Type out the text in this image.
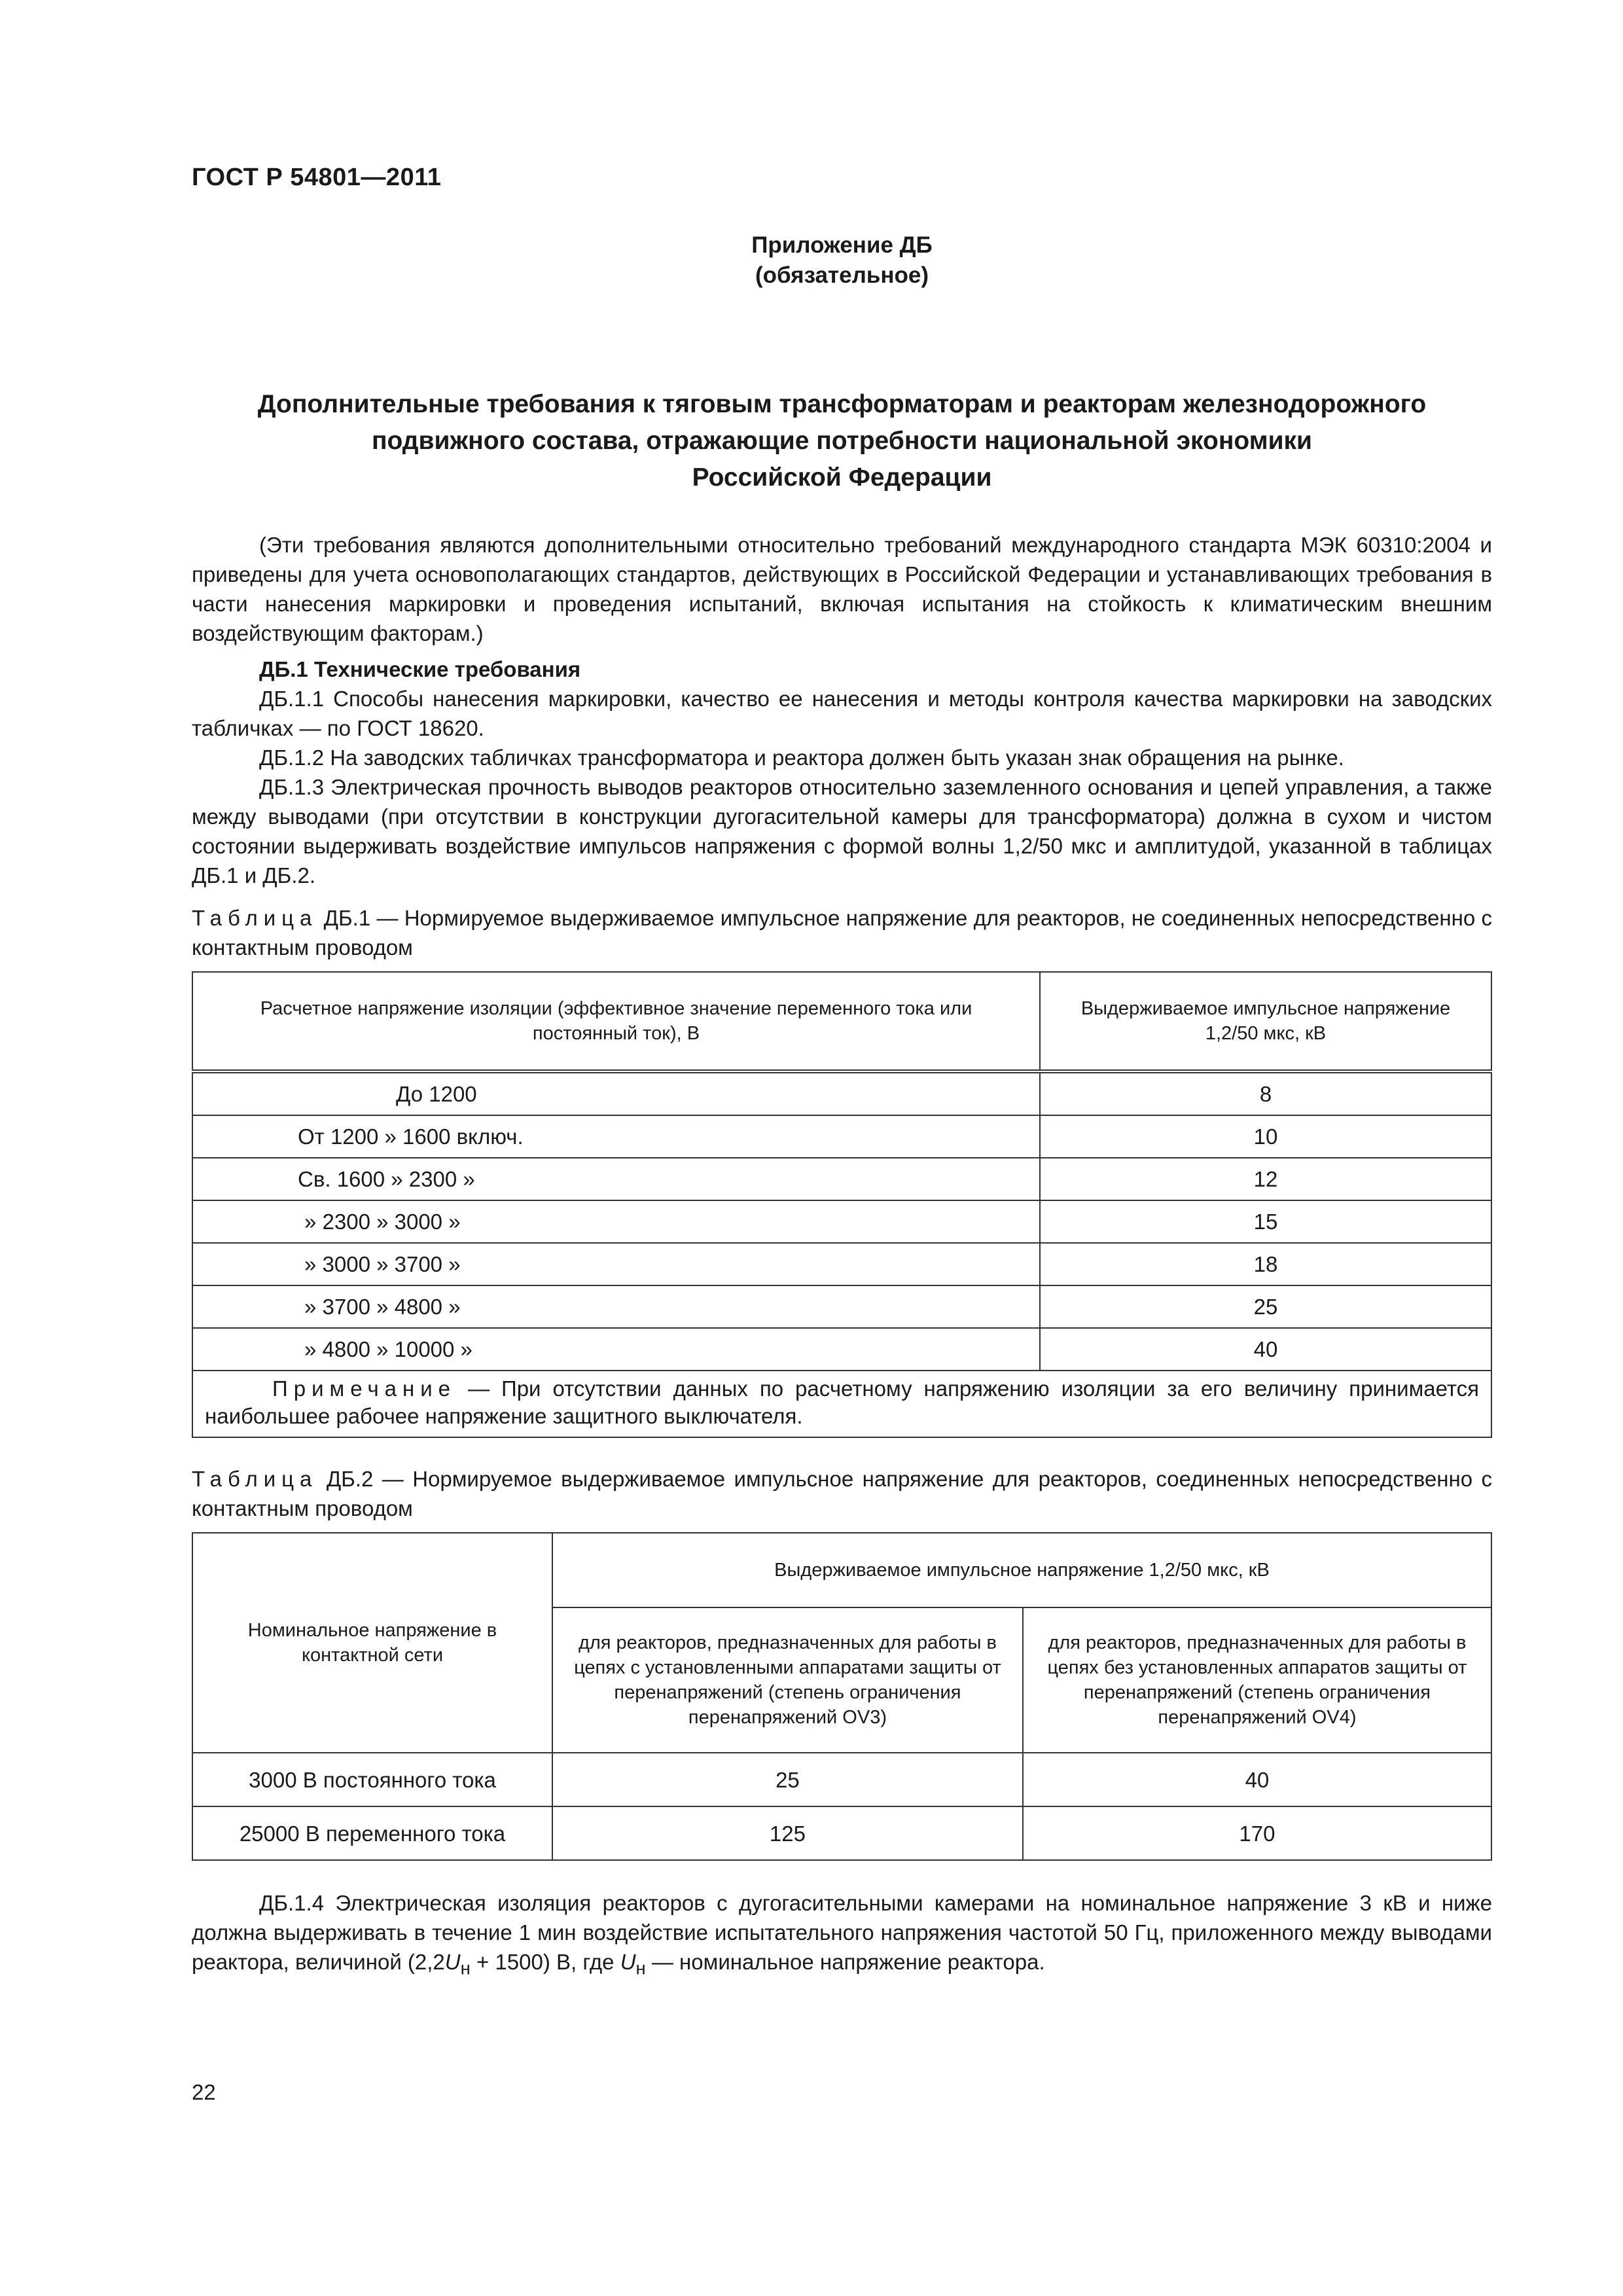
ГОСТ Р 54801—2011
Приложение ДБ
(обязательное)
Дополнительные требования к тяговым трансформаторам и реакторам железнодорожного
подвижного состава, отражающие потребности национальной экономики
Российской Федерации

(Эти требования являются дополнительными относительно требований международного стандарта МЭК 60310:2004 и приведены для учета основополагающих стандартов, действующих в Российской Федерации и устанавливающих требования в части нанесения маркировки и проведения испытаний, включая испытания на стойкость к климатическим внешним воздействующим факторам.)

ДБ.1 Технические требования

ДБ.1.1 Способы нанесения маркировки, качество ее нанесения и методы контроля качества маркировки на заводских табличках — по ГОСТ 18620.

ДБ.1.2 На заводских табличках трансформатора и реактора должен быть указан знак обращения на рынке.

ДБ.1.3 Электрическая прочность выводов реакторов относительно заземленного основания и цепей управления, а также между выводами (при отсутствии в конструкции дугогасительной камеры для трансформатора) должна в сухом и чистом состоянии выдерживать воздействие импульсов напряжения с формой волны 1,2/50 мкс и амплитудой, указанной в таблицах ДБ.1 и ДБ.2.

Таблица ДБ.1 — Нормируемое выдерживаемое импульсное напряжение для реакторов, не соединенных непосредственно с контактным проводом

Расчетное напряжение изоляции (эффективное значение переменного тока или постоянный ток), В	Выдерживаемое импульсное напряжение 1,2/50 мкс, кВ
До 1200	8
От 1200 » 1600 включ.	10
Св. 1600 » 2300 »	12
» 2300 » 3000 »	15
» 3000 » 3700 »	18
» 3700 » 4800 »	25
» 4800 » 10000 »	40
Примечание — При отсутствии данных по расчетному напряжению изоляции за его величину принимается наибольшее рабочее напряжение защитного выключателя.	

Таблица ДБ.2 — Нормируемое выдерживаемое импульсное напряжение для реакторов, соединенных непосредственно с контактным проводом

Номинальное напряжение в контактной сети	Выдерживаемое импульсное напряжение 1,2/50 мкс, кВ	
	для реакторов, предназначенных для работы в цепях с установленными аппаратами защиты от перенапряжений (степень ограничения перенапряжений OV3)	для реакторов, предназначенных для работы в цепях без установленных аппаратов защиты от перенапряжений (степень ограничения перенапряжений OV4)
3000 В постоянного тока	25	40
25000 В переменного тока	125	170

ДБ.1.4 Электрическая изоляция реакторов с дугогасительными камерами на номинальное напряжение 3 кВ и ниже должна выдерживать в течение 1 мин воздействие испытательного напряжения частотой 50 Гц, приложенного между выводами реактора, величиной $(2,2U_н + 1500)$ В, где $U_н$ — номинальное напряжение реактора.

22
